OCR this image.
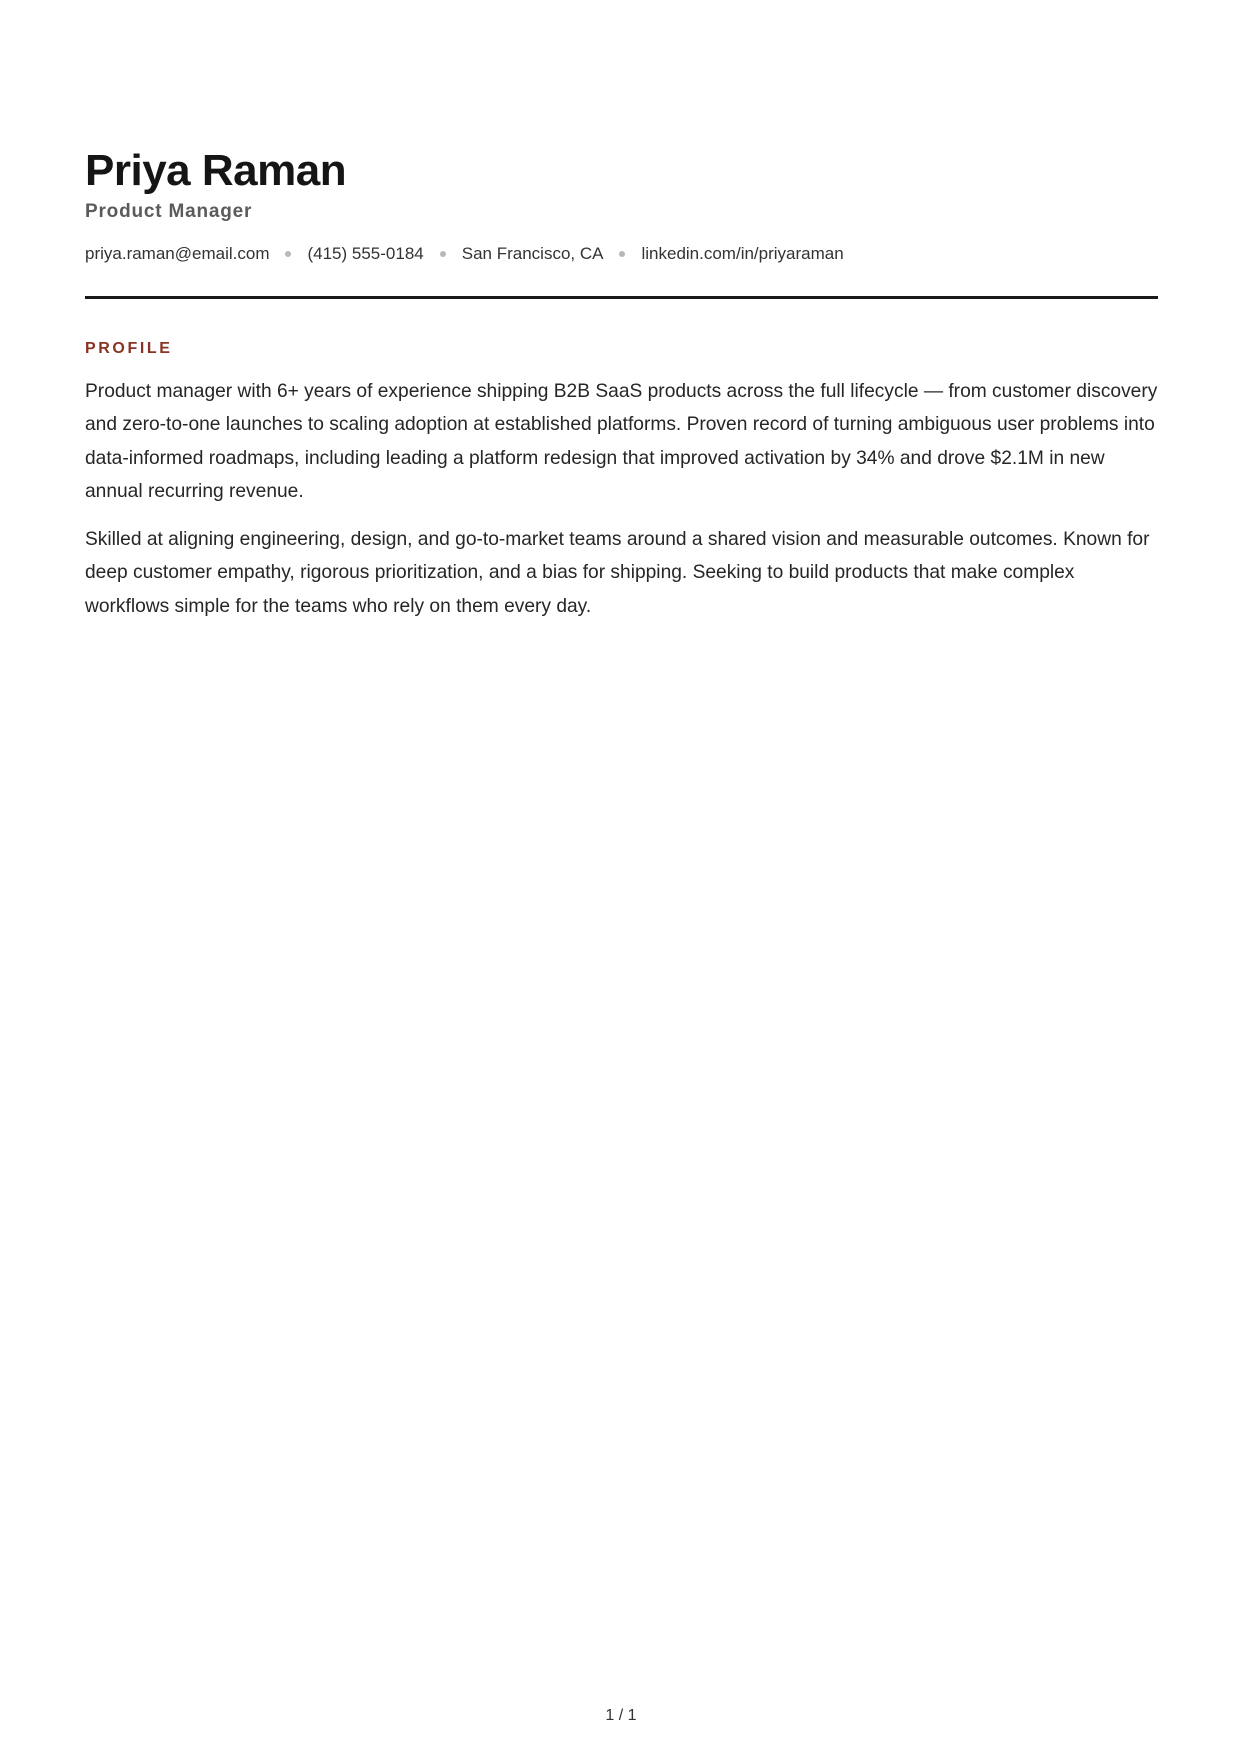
Priya Raman
Product Manager
priya.raman@email.com (415) 555-0184 San Francisco, CA linkedin.com/in/priyaraman
PROFILE

Product manager with 6+ years of experience shipping B2B SaaS products across the full lifecycle — from customer discovery and zero-to-one launches to scaling adoption at established platforms. Proven record of turning ambiguous user problems into data-informed roadmaps, including leading a platform redesign that improved activation by 34% and drove $2.1M in new annual recurring revenue.

Skilled at aligning engineering, design, and go-to-market teams around a shared vision and measurable outcomes. Known for deep customer empathy, rigorous prioritization, and a bias for shipping. Seeking to build products that make complex workflows simple for the teams who rely on them every day.

1 / 1
